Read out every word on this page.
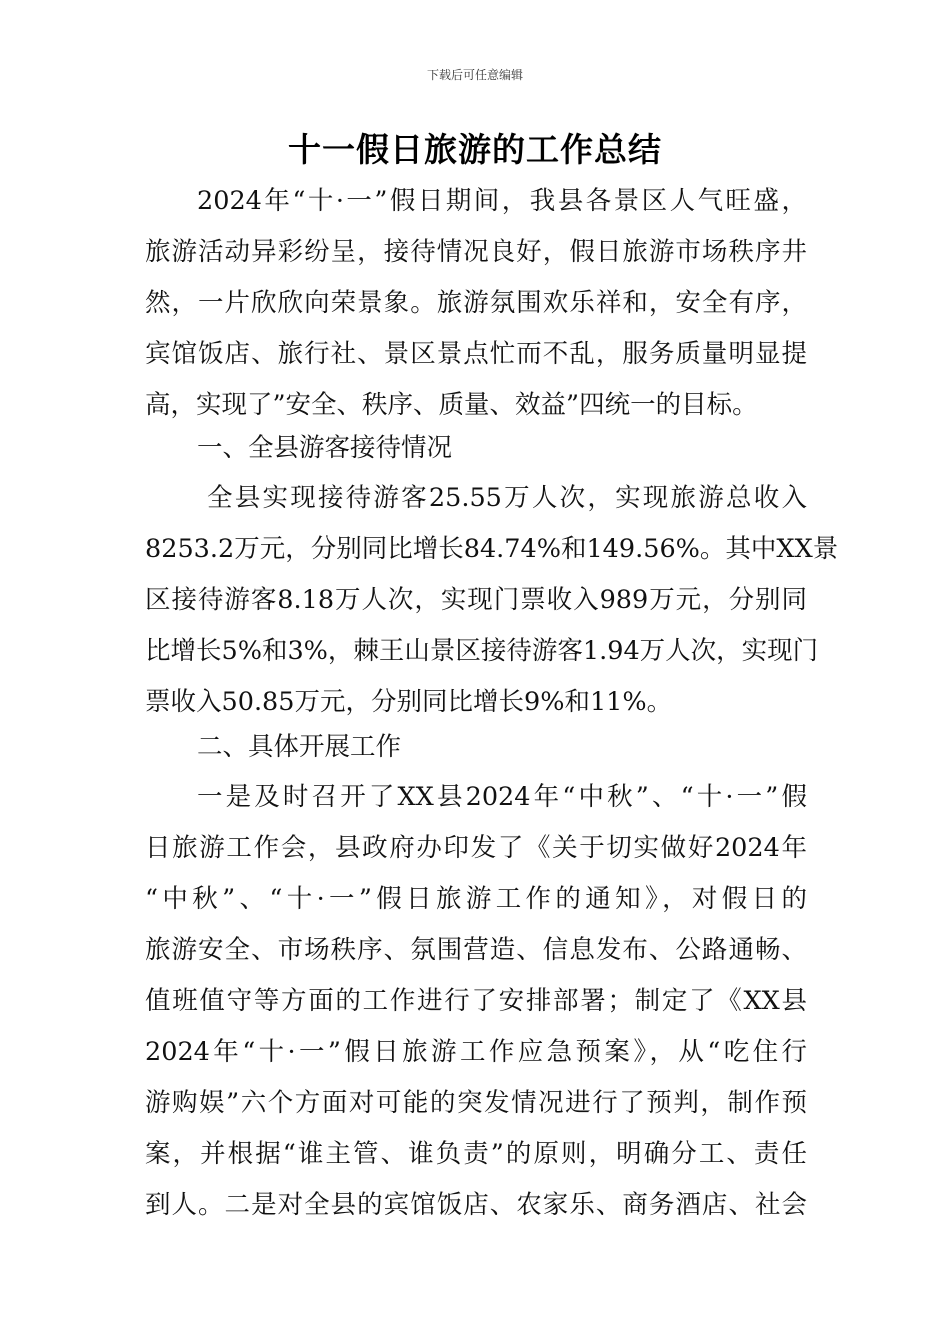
下载后可任意编辑
十一假日旅游的工作总结
2024年“十·一”假日期间，我县各景区人气旺盛，
旅游活动异彩纷呈，接待情况良好，假日旅游市场秩序井
然，一片欣欣向荣景象。旅游氛围欢乐祥和，安全有序，
宾馆饭店、旅行社、景区景点忙而不乱，服务质量明显提
高，实现了”安全、秩序、质量、效益”四统一的目标。
一、全县游客接待情况
全县实现接待游客25.55万人次，实现旅游总收入
8253.2万元，分别同比增长84.74%和149.56%。其中XX景
区接待游客8.18万人次，实现门票收入989万元，分别同
比增长5%和3%，棘王山景区接待游客1.94万人次，实现门
票收入50.85万元，分别同比增长9%和11%。
二、具体开展工作
一是及时召开了XX县2024年“中秋”、“十·一”假
日旅游工作会，县政府办印发了《关于切实做好2024年
“中秋”、“十·一”假日旅游工作的通知》，对假日的
旅游安全、市场秩序、氛围营造、信息发布、公路通畅、
值班值守等方面的工作进行了安排部署；制定了《XX县
2024年“十·一”假日旅游工作应急预案》，从“吃住行
游购娱”六个方面对可能的突发情况进行了预判，制作预
案，并根据“谁主管、谁负责”的原则，明确分工、责任
到人。二是对全县的宾馆饭店、农家乐、商务酒店、社会
